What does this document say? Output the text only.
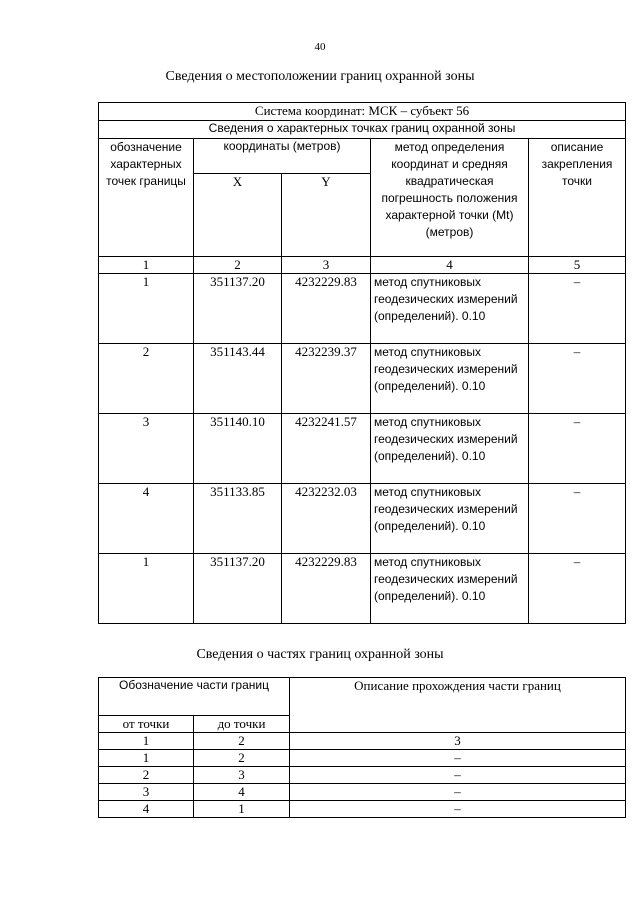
40
Сведения о местоположении границ охранной зоны
Система координат: МСК – субъект 56				
Сведения о характерных точках границ охранной зоны				
обозначение характерных точек границы	координаты (метров)		метод определения координат и средняя квадратическая погрешность положения характерной точки (Mt) (метров)	описание закрепления точки
	X	Y		
1	2	3	4	5
1	351137.20	4232229.83	метод спутниковых геодезических измерений (определений). 0.10	–
2	351143.44	4232239.37	метод спутниковых геодезических измерений (определений). 0.10	–
3	351140.10	4232241.57	метод спутниковых геодезических измерений (определений). 0.10	–
4	351133.85	4232232.03	метод спутниковых геодезических измерений (определений). 0.10	–
1	351137.20	4232229.83	метод спутниковых геодезических измерений (определений). 0.10	–
Сведения о частях границ охранной зоны
Обозначение части границ		Описание прохождения части границ
от точки	до точки	
1	2	3
1	2	–
2	3	–
3	4	–
4	1	–
